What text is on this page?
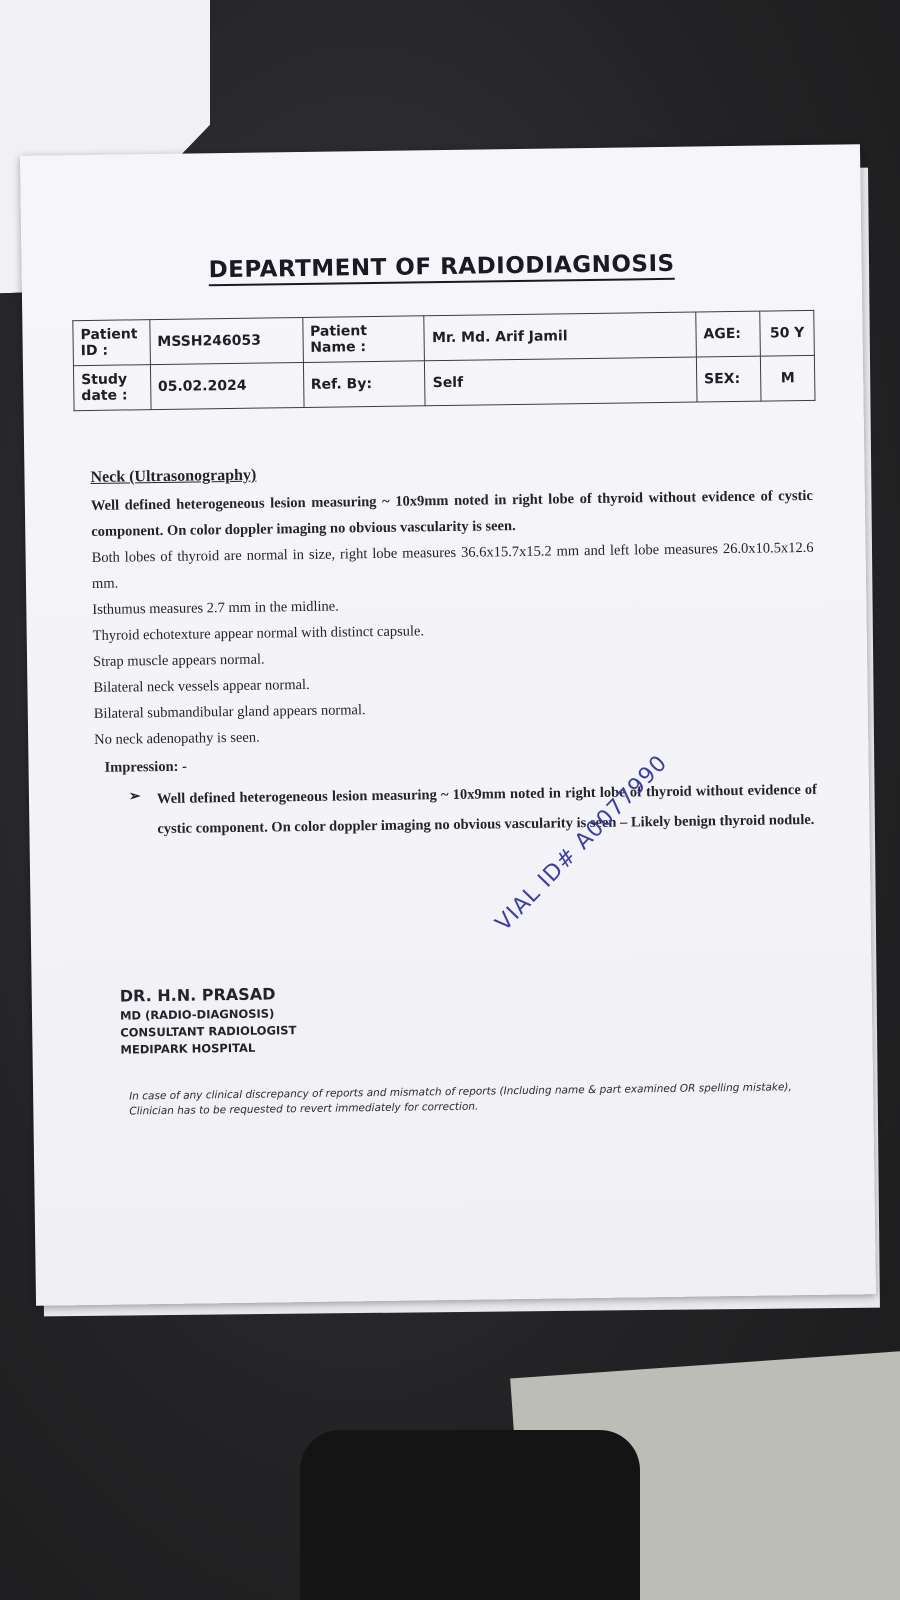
DEPARTMENT OF RADIODIAGNOSIS
Patient ID :	MSSH246053	Patient Name :	Mr. Md. Arif Jamil	AGE:	50 Y
Study date :	05.02.2024	Ref. By:	Self	SEX:	M
Neck (Ultrasonography)

Well defined heterogeneous lesion measuring ~ 10x9mm noted in right lobe of thyroid without evidence of cystic component. On color doppler imaging no obvious vascularity is seen.

Both lobes of thyroid are normal in size, right lobe measures 36.6x15.7x15.2 mm and left lobe measures 26.0x10.5x12.6 mm.

Isthumus measures 2.7 mm in the midline.

Thyroid echotexture appear normal with distinct capsule.

Strap muscle appears normal.

Bilateral neck vessels appear normal.

Bilateral submandibular gland appears normal.

No neck adenopathy is seen.

Impression: -
➢	Well defined heterogeneous lesion measuring ~ 10x9mm noted in right lobe of thyroid without evidence of cystic component. On color doppler imaging no obvious vascularity is seen – Likely benign thyroid nodule.
VIAL ID# A0077990
DR. H.N. PRASAD
MD (RADIO-DIAGNOSIS)
CONSULTANT RADIOLOGIST
MEDIPARK HOSPITAL
In case of any clinical discrepancy of reports and mismatch of reports (Including name & part examined OR spelling mistake), Clinician has to be requested to revert immediately for correction.
